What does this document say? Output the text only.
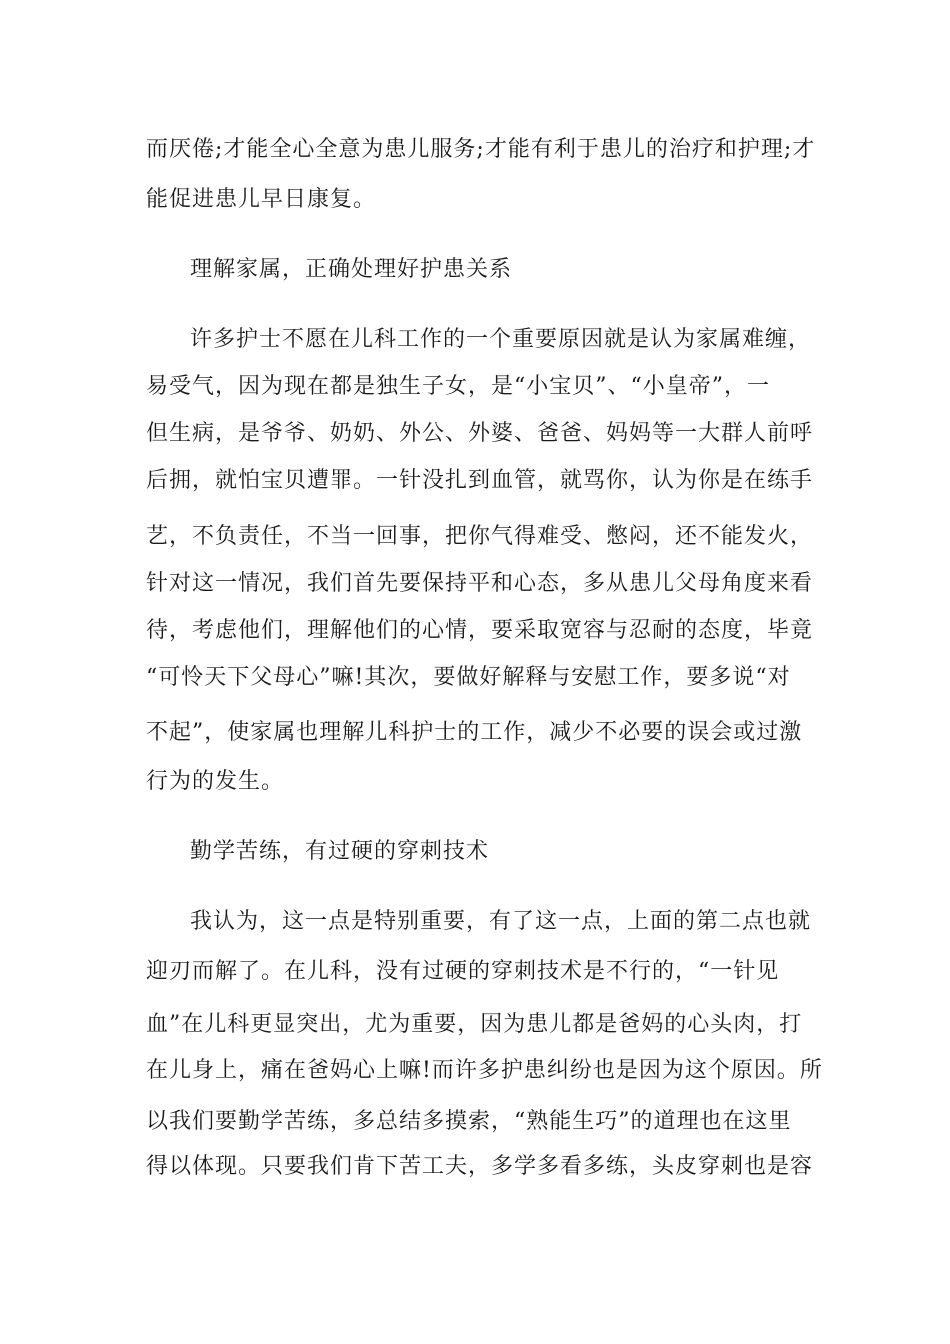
而厌倦;才能全心全意为患儿服务;才能有利于患儿的治疗和护理;才
能促进患儿早日康复。
理解家属，正确处理好护患关系
许多护士不愿在儿科工作的一个重要原因就是认为家属难缠，
易受气，因为现在都是独生子女，是“小宝贝”、“小皇帝”，一
但生病，是爷爷、奶奶、外公、外婆、爸爸、妈妈等一大群人前呼
后拥，就怕宝贝遭罪。一针没扎到血管，就骂你，认为你是在练手
艺，不负责任，不当一回事，把你气得难受、憋闷，还不能发火，
针对这一情况，我们首先要保持平和心态，多从患儿父母角度来看
待，考虑他们，理解他们的心情，要采取宽容与忍耐的态度，毕竟
“可怜天下父母心”嘛!其次，要做好解释与安慰工作，要多说“对
不起”，使家属也理解儿科护士的工作，减少不必要的误会或过激
行为的发生。
勤学苦练，有过硬的穿刺技术
我认为，这一点是特别重要，有了这一点，上面的第二点也就
迎刃而解了。在儿科，没有过硬的穿刺技术是不行的，“一针见
血”在儿科更显突出，尤为重要，因为患儿都是爸妈的心头肉，打
在儿身上，痛在爸妈心上嘛!而许多护患纠纷也是因为这个原因。所
以我们要勤学苦练，多总结多摸索，“熟能生巧”的道理也在这里
得以体现。只要我们肯下苦工夫，多学多看多练，头皮穿刺也是容
